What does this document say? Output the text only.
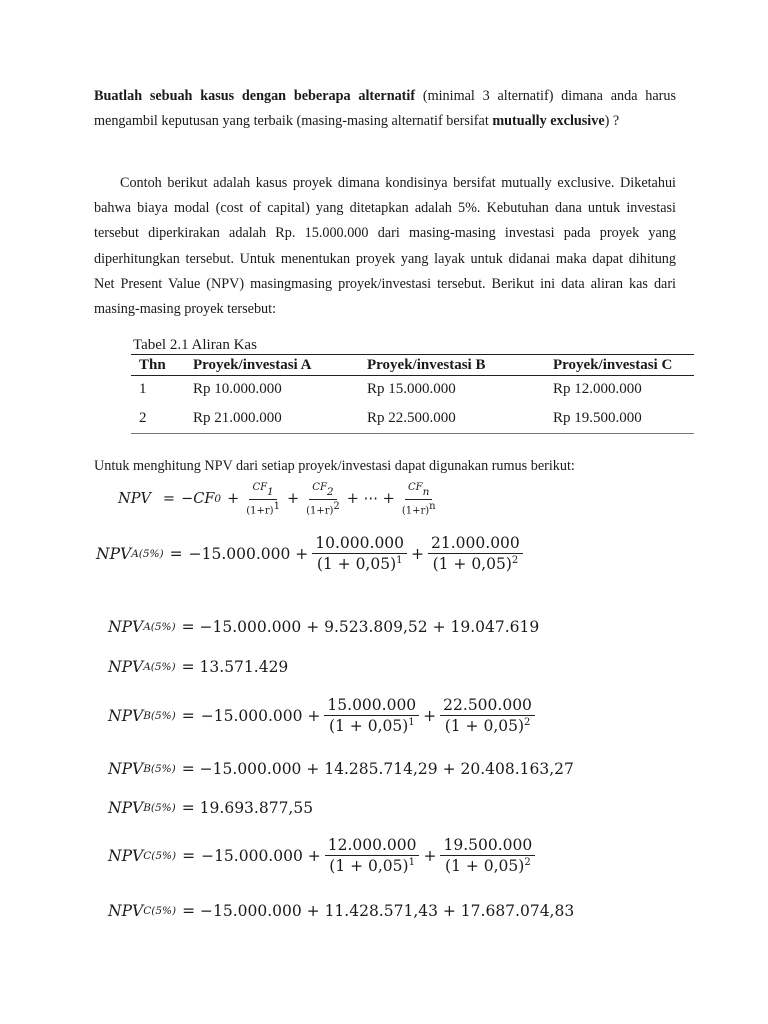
Buatlah sebuah kasus dengan beberapa alternatif (minimal 3 alternatif) dimana anda harus mengambil keputusan yang terbaik (masing-masing alternatif bersifat mutually exclusive) ?
Contoh berikut adalah kasus proyek dimana kondisinya bersifat mutually exclusive. Diketahui bahwa biaya modal (cost of capital) yang ditetapkan adalah 5%. Kebutuhan dana untuk investasi tersebut diperkirakan adalah Rp. 15.000.000 dari masing-masing investasi pada proyek yang diperhitungkan tersebut. Untuk menentukan proyek yang layak untuk didanai maka dapat dihitung Net Present Value (NPV) masingmasing proyek/investasi tersebut. Berikut ini data aliran kas dari masing-masing proyek tersebut:
Tabel 2.1 Aliran Kas
Thn	Proyek/investasi A	Proyek/investasi B	Proyek/investasi C
1	Rp 10.000.000	Rp 15.000.000	Rp 12.000.000
2	Rp 21.000.000	Rp 22.500.000	Rp 19.500.000
Untuk menghitung NPV dari setiap proyek/investasi dapat digunakan rumus berikut:
NPV = −CF $0 + \frac{CF1}{(1+r)^1} + \frac{CF2}{(1+r)^2}$ + ⋯ + $\frac{\text{CFn}}{(1+r)^n}$
NPV $A(5\%) = -15.000.000 + \frac{10.000.000}{(1 + 0,05)^1} + \frac{21.000.000}{(1 + 0,05)^2}$
NPV A(5%) = −15.000.000 + 9.523.809,52 + 19.047.619
NPV A(5%) = 13.571.429
NPV $B(5\%) = -15.000.000 + \frac{15.000.000}{(1 + 0,05)^1} + \frac{22.500.000}{(1 + 0,05)^2}$
NPV B(5%) = −15.000.000 + 14.285.714,29 + 20.408.163,27
NPV B(5%) = 19.693.877,55
NPV $C(5\%) = -15.000.000 + \frac{12.000.000}{(1 + 0,05)^1} + \frac{19.500.000}{(1 + 0,05)^2}$
NPV C(5%) = −15.000.000 + 11.428.571,43 + 17.687.074,83
